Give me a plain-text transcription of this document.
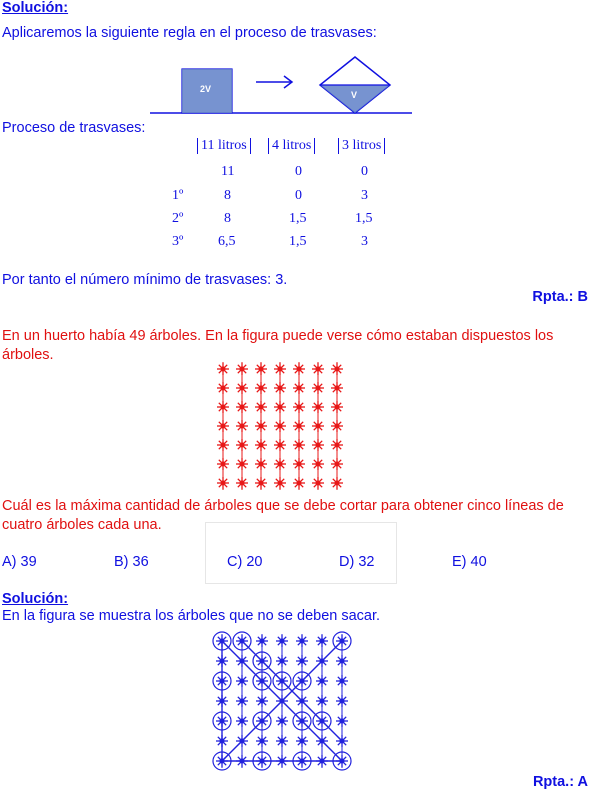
Solución:
Aplicaremos la siguiente regla en el proceso de trasvases:
2V
V
Proceso de trasvases:
11 litros 4 litros 3 litros
11	0	0
1º	8	0	3
2º	8	1,5	1,5
3º 6,5	1,5	3
Por tanto el número mínimo de trasvases: 3.
Rpta.: B
En un huerto había 49 árboles. En la figura puede verse cómo estaban dispuestos los árboles.
Cuál es la máxima cantidad de árboles que se debe cortar para obtener cinco líneas de cuatro árboles cada una.
A) 39	B) 36	C) 20	D) 32	E) 40
Solución:
En la figura se muestra los árboles que no se deben sacar.
Rpta.: A
